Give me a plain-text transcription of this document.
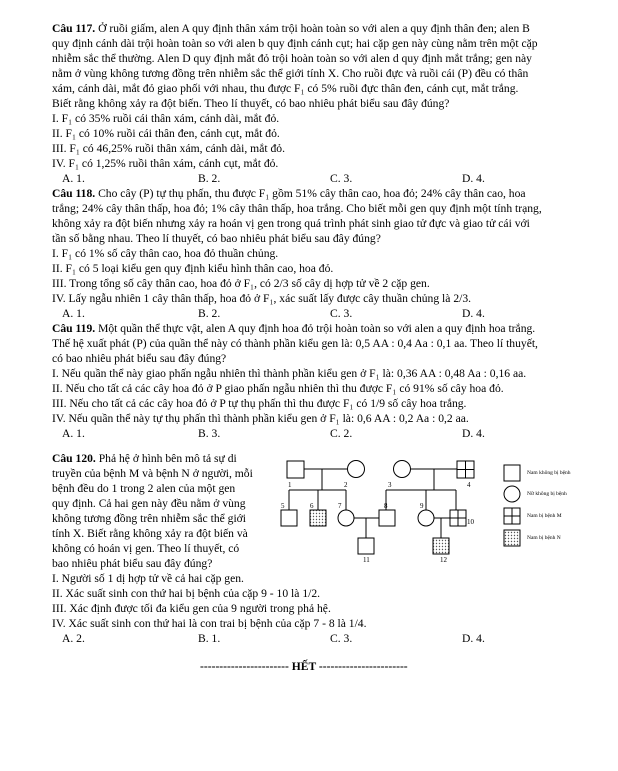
Câu 117. Ở ruồi giấm, alen A quy định thân xám trội hoàn toàn so với alen a quy định thân đen; alen B
quy định cánh dài trội hoàn toàn so với alen b quy định cánh cụt; hai cặp gen này cùng nằm trên một cặp
nhiễm sắc thể thường. Alen D quy định mắt đỏ trội hoàn toàn so với alen d quy định mắt trắng; gen này
nằm ở vùng không tương đồng trên nhiễm sắc thể giới tính X. Cho ruồi đực và ruồi cái (P) đều có thân
xám, cánh dài, mắt đỏ giao phối với nhau, thu được F₁ có 5% ruồi đực thân đen, cánh cụt, mắt trắng.
Biết rằng không xảy ra đột biến. Theo lí thuyết, có bao nhiêu phát biểu sau đây đúng?
I. F₁ có 35% ruồi cái thân xám, cánh dài, mắt đỏ.
II. F₁ có 10% ruồi cái thân đen, cánh cụt, mắt đỏ.
III. F₁ có 46,25% ruồi thân xám, cánh dài, mắt đỏ.
IV. F₁ có 1,25% ruồi thân xám, cánh cụt, mắt đỏ.
A. 1.	B. 2.	C. 3.	D. 4.
Câu 118. Cho cây (P) tự thụ phấn, thu được F₁ gồm 51% cây thân cao, hoa đỏ; 24% cây thân cao, hoa
trắng; 24% cây thân thấp, hoa đỏ; 1% cây thân thấp, hoa trắng. Cho biết mỗi gen quy định một tính trạng,
không xảy ra đột biến nhưng xảy ra hoán vị gen trong quá trình phát sinh giao tử đực và giao tử cái với
tần số bằng nhau. Theo lí thuyết, có bao nhiêu phát biểu sau đây đúng?
I. F₁ có 1% số cây thân cao, hoa đỏ thuần chủng.
II. F₁ có 5 loại kiểu gen quy định kiểu hình thân cao, hoa đỏ.
III. Trong tổng số cây thân cao, hoa đỏ ở F₁, có 2/3 số cây dị hợp tử về 2 cặp gen.
IV. Lấy ngẫu nhiên 1 cây thân thấp, hoa đỏ ở F₁, xác suất lấy được cây thuần chủng là 2/3.
A. 1.	B. 2.	C. 3.	D. 4.
Câu 119. Một quần thể thực vật, alen A quy định hoa đỏ trội hoàn toàn so với alen a quy định hoa trắng.
Thế hệ xuất phát (P) của quần thể này có thành phần kiểu gen là: 0,5 AA : 0,4 Aa : 0,1 aa. Theo lí thuyết,
có bao nhiêu phát biểu sau đây đúng?
I. Nếu quần thể này giao phấn ngẫu nhiên thì thành phần kiểu gen ở F₁ là: 0,36 AA : 0,48 Aa : 0,16 aa.
II. Nếu cho tất cả các cây hoa đỏ ở P giao phấn ngẫu nhiên thì thu được F₁ có 91% số cây hoa đỏ.
III. Nếu cho tất cả các cây hoa đỏ ở P tự thụ phấn thì thu được F₁ có 1/9 số cây hoa trắng.
IV. Nếu quần thể này tự thụ phấn thì thành phần kiểu gen ở F₁ là: 0,6 AA : 0,2 Aa : 0,2 aa.
A. 1.	B. 3.	C. 2.	D. 4.
Câu 120. Phả hệ ở hình bên mô tả sự di
truyền của bệnh M và bệnh N ở người, mỗi
bệnh đều do 1 trong 2 alen của một gen
quy định. Cả hai gen này đều nằm ở vùng
không tương đồng trên nhiễm sắc thể giới
tính X. Biết rằng không xảy ra đột biến và
không có hoán vị gen. Theo lí thuyết, có
bao nhiêu phát biểu sau đây đúng?
I. Người số 1 dị hợp tử về cả hai cặp gen.
II. Xác suất sinh con thứ hai bị bệnh của cặp 9 - 10 là 1/2.
III. Xác định được tối đa kiểu gen của 9 người trong phả hệ.
IV. Xác suất sinh con thứ hai là con trai bị bệnh của cặp 7 - 8 là 1/4.
A. 2.	B. 1.	C. 3.	D. 4.
1	2	3	4
5	6	7	8	9
10
11	12
Nam không bị bệnh
Nữ không bị bệnh
Nam bị bệnh M
Nam bị bệnh N
----------------------- HẾT -----------------------
